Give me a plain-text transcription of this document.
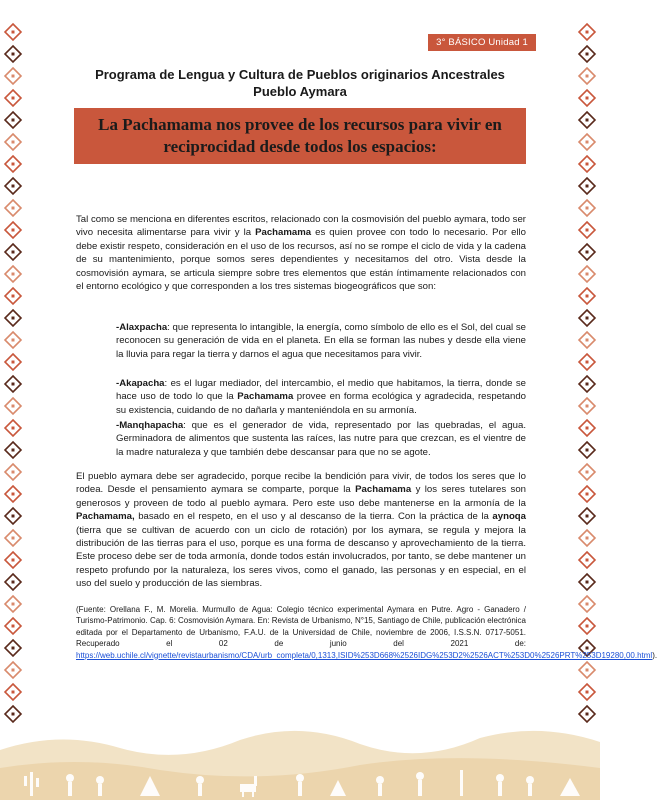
3° BÁSICO Unidad 1
Programa de Lengua y Cultura de Pueblos originarios Ancestrales
Pueblo Aymara
La Pachamama nos provee de los recursos para vivir en
reciprocidad desde todos los espacios:
Tal como se menciona en diferentes escritos, relacionado con la cosmovisión del pueblo aymara, todo ser vivo necesita alimentarse para vivir y la Pachamama es quien provee con todo lo necesario. Por ello debe existir respeto, consideración en el uso de los recursos, así no se rompe el ciclo de vida y la cadena de su mantenimiento, porque somos seres dependientes y necesitamos del otro. Vista desde la cosmovisión aymara, se articula siempre sobre tres elementos que están íntimamente relacionados con el entorno ecológico y que corresponden a los tres sistemas biogeográficos que son:
-Alaxpacha: que representa lo intangible, la energía, como símbolo de ello es el Sol, del cual se reconocen su generación de vida en el planeta. En ella se forman las nubes y desde ella viene la lluvia para regar la tierra y darnos el agua que necesitamos para vivir.
-Akapacha: es el lugar mediador, del intercambio, el medio que habitamos, la tierra, donde se hace uso de todo lo que la Pachamama provee en forma ecológica y agradecida, respetando su existencia, cuidando de no dañarla y manteniéndola en su armonía.
-Manqhapacha: que es el generador de vida, representado por las quebradas, el agua. Germinadora de alimentos que sustenta las raíces, las nutre para que crezcan, es el vientre de la madre naturaleza y que también debe descansar para que no se agote.
El pueblo aymara debe ser agradecido, porque recibe la bendición para vivir, de todos los seres que lo rodea. Desde el pensamiento aymara se comparte, porque la Pachamama y los seres tutelares son generosos y proveen de todo al pueblo aymara. Pero este uso debe mantenerse en la armonía de la Pachamama, basado en el respeto, en el uso y al descanso de la tierra. Con la práctica de la aynoqa (tierra que se cultivan de acuerdo con un ciclo de rotación) por los aymara, se regula y mejora la distribución de las tierras para el uso, porque es una forma de descanso y aprovechamiento de la tierra. Este proceso debe ser de toda armonía, donde todos están involucrados, por tanto, se debe mantener un respeto profundo por la naturaleza, los seres vivos, como el ganado, las personas y en especial, en el uso del suelo y producción de las siembras.
(Fuente: Orellana F., M. Morelia. Murmullo de Agua: Colegio técnico experimental Aymara en Putre. Agro - Ganadero / Turismo-Patrimonio. Cap. 6: Cosmovisión Aymara. En: Revista de Urbanismo, N°15, Santiago de Chile, publicación electrónica editada por el Departamento de Urbanismo, F.A.U. de la Universidad de Chile, noviembre de 2006, I.S.S.N. 0717-5051. Recuperado el 02 de junio del 2021 de: https://web.uchile.cl/vignette/revistaurbanismo/CDA/urb_completa/0,1313,ISID%253D668%2526IDG%253D2%2526ACT%253D0%2526PRT%253D19280,00.html).
